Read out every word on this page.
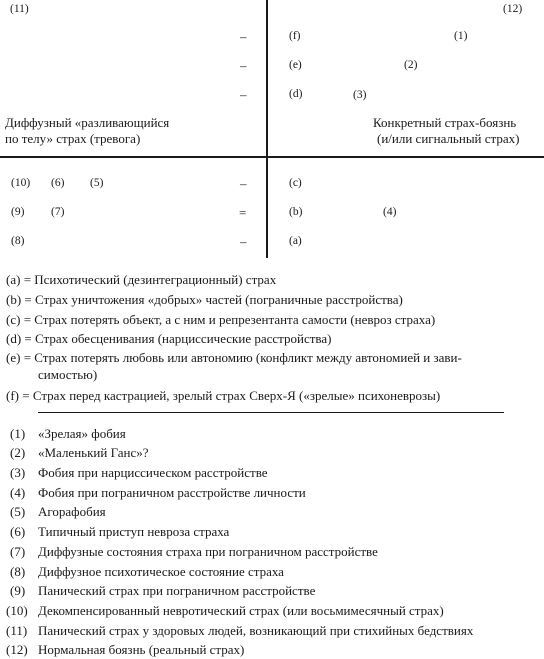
(11)	(12)
Диффузный «разливающийся
по телу» страх (тревога)
Конкретный страх-боязнь
(и/или сигнальный страх)
–
–
–
–
=
–
(f)
(e)
(d)
(c)
(b)
(a)
(1)
(2)
(3)
(4)
(5)
(6)
(7)
(8)
(9)
(10)
(a) = Психотический (дезинтеграционный) страх
(b) = Страх уничтожения «добрых» частей (пограничные расстройства)
(c) = Страх потерять объект, а с ним и репрезентанта самости (невроз страха)
(d) = Страх обесценивания (нарциссические расстройства)
(e) = Страх потерять любовь или автономию (конфликт между автономией и зави-
симостью)
(f) = Страх перед кастрацией, зрелый страх Сверх-Я («зрелые» психоневрозы)
(1) «Зрелая» фобия
(2) «Маленький Ганс»?
(3) Фобия при нарциссическом расстройстве
(4) Фобия при пограничном расстройстве личности
(5) Агорафобия
(6) Типичный приступ невроза страха
(7) Диффузные состояния страха при пограничном расстройстве
(8) Диффузное психотическое состояние страха
(9) Панический страх при пограничном расстройстве
(10) Декомпенсированный невротический страх (или восьмимесячный страх)
(11) Панический страх у здоровых людей, возникающий при стихийных бедствиях
(12) Нормальная боязнь (реальный страх)
